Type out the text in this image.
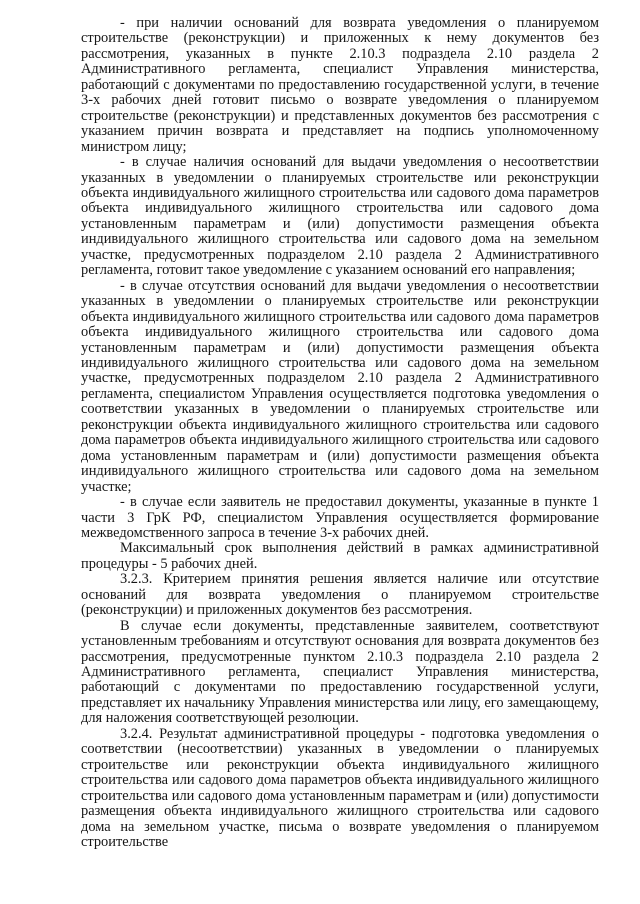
- при наличии оснований для возврата уведомления о планируемом строительстве (реконструкции) и приложенных к нему документов без рассмотрения, указанных в пункте 2.10.3 подраздела 2.10 раздела 2 Административного регламента, специалист Управления министерства, работающий с документами по предоставлению государственной услуги, в течение 3-х рабочих дней готовит письмо о возврате уведомления о планируемом строительстве (реконструкции) и представленных документов без рассмотрения с указанием причин возврата и представляет на подпись уполномоченному министром лицу;

- в случае наличия оснований для выдачи уведомления о несоответствии указанных в уведомлении о планируемых строительстве или реконструкции объекта индивидуального жилищного строительства или садового дома параметров объекта индивидуального жилищного строительства или садового дома установленным параметрам и (или) допустимости размещения объекта индивидуального жилищного строительства или садового дома на земельном участке, предусмотренных подразделом 2.10 раздела 2 Административного регламента, готовит такое уведомление с указанием оснований его направления;

- в случае отсутствия оснований для выдачи уведомления о несоответствии указанных в уведомлении о планируемых строительстве или реконструкции объекта индивидуального жилищного строительства или садового дома параметров объекта индивидуального жилищного строительства или садового дома установленным параметрам и (или) допустимости размещения объекта индивидуального жилищного строительства или садового дома на земельном участке, предусмотренных подразделом 2.10 раздела 2 Административного регламента, специалистом Управления осуществляется подготовка уведомления о соответствии указанных в уведомлении о планируемых строительстве или реконструкции объекта индивидуального жилищного строительства или садового дома параметров объекта индивидуального жилищного строительства или садового дома установленным параметрам и (или) допустимости размещения объекта индивидуального жилищного строительства или садового дома на земельном участке;

- в случае если заявитель не предоставил документы, указанные в пункте 1 части 3 ГрК РФ, специалистом Управления осуществляется формирование межведомственного запроса в течение 3-х рабочих дней.

Максимальный срок выполнения действий в рамках административной процедуры - 5 рабочих дней.

3.2.3. Критерием принятия решения является наличие или отсутствие оснований для возврата уведомления о планируемом строительстве (реконструкции) и приложенных документов без рассмотрения.

В случае если документы, представленные заявителем, соответствуют установленным требованиям и отсутствуют основания для возврата документов без рассмотрения, предусмотренные пунктом 2.10.3 подраздела 2.10 раздела 2 Административного регламента, специалист Управления министерства, работающий с документами по предоставлению государственной услуги, представляет их начальнику Управления министерства или лицу, его замещающему, для наложения соответствующей резолюции.

3.2.4. Результат административной процедуры - подготовка уведомления о соответствии (несоответствии) указанных в уведомлении о планируемых строительстве или реконструкции объекта индивидуального жилищного строительства или садового дома параметров объекта индивидуального жилищного строительства или садового дома установленным параметрам и (или) допустимости размещения объекта индивидуального жилищного строительства или садового дома на земельном участке, письма о возврате уведомления о планируемом строительстве
